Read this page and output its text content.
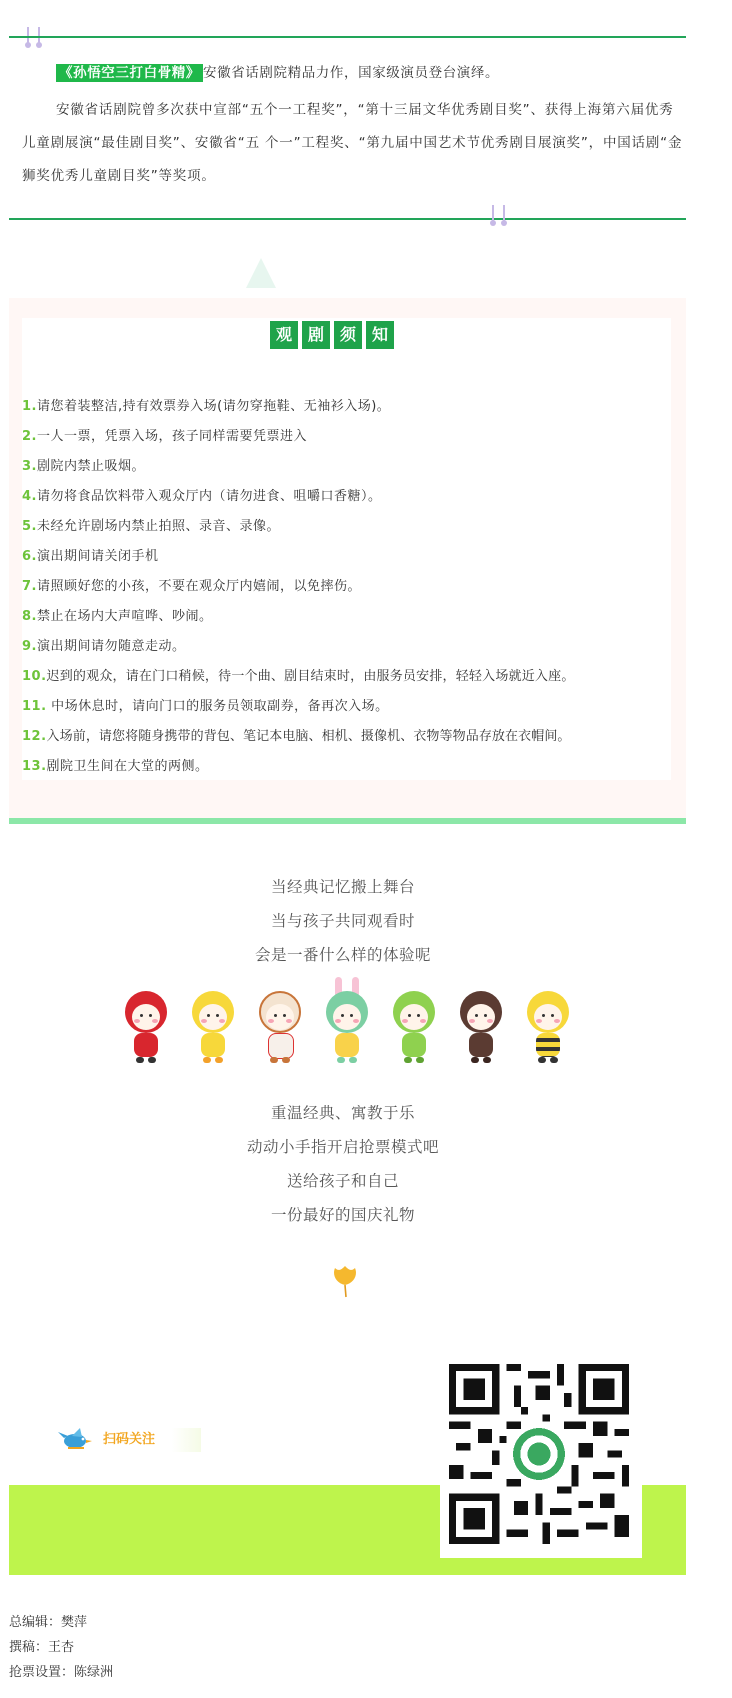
《孙悟空三打白骨精》 安徽省话剧院精品力作，国家级演员登台演绎。

安徽省话剧院曾多次获中宣部“五个一工程奖”，“第十三届文华优秀剧目奖”、获得上海第六届优秀儿童剧展演“最佳剧目奖”、安徽省“五 个一”工程奖、“第九届中国艺术节优秀剧目展演奖”，中国话剧“金狮奖优秀儿童剧目奖”等奖项。

观 剧 须 知
1.请您着装整洁,持有效票券入场(请勿穿拖鞋、无袖衫入场)。
2.一人一票，凭票入场，孩子同样需要凭票进入
3.剧院内禁止吸烟。
4.请勿将食品饮料带入观众厅内（请勿进食、咀嚼口香糖）。
5.未经允许剧场内禁止拍照、录音、录像。
6.演出期间请关闭手机
7.请照顾好您的小孩，不要在观众厅内嬉闹，以免摔伤。
8.禁止在场内大声喧哗、吵闹。
9.演出期间请勿随意走动。
10.迟到的观众，请在门口稍候，待一个曲、剧目结束时，由服务员安排，轻轻入场就近入座。
11. 中场休息时，请向门口的服务员领取副券，备再次入场。
12.入场前，请您将随身携带的背包、笔记本电脑、相机、摄像机、衣物等物品存放在衣帽间。
13.剧院卫生间在大堂的两侧。
当经典记忆搬上舞台
当与孩子共同观看时
会是一番什么样的体验呢
重温经典、寓教于乐
动动小手指开启抢票模式吧
送给孩子和自己
一份最好的国庆礼物
扫码关注
总编辑：樊萍
撰稿：王杏
抢票设置：陈绿洲
